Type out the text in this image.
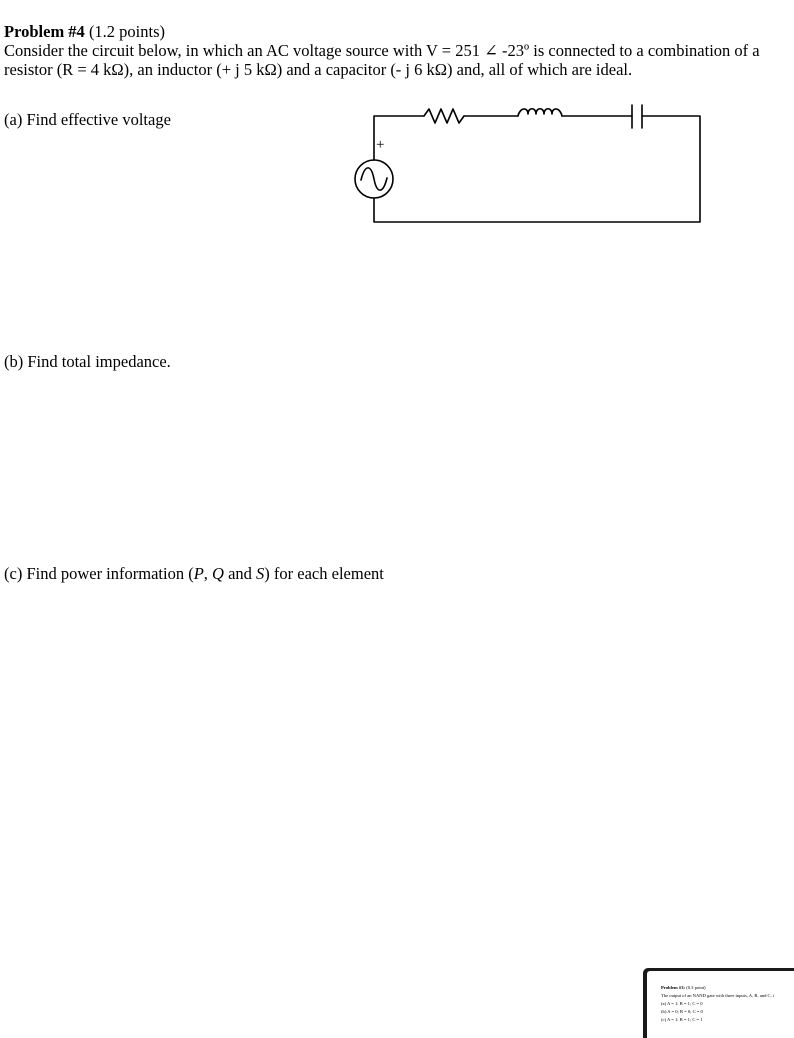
Problem #4 (1.2 points)
Consider the circuit below, in which an AC voltage source with V = 251 ∠ -23º is connected to a combination of a resistor (R = 4 kΩ), an inductor (+ j 5 kΩ) and a capacitor (- j 6 kΩ) and, all of which are ideal.
(a) Find effective voltage
(b) Find total impedance.
(c) Find power information (P, Q and S) for each element
+
Problem #3: (0.3 point)
The output of an NAND gate with three inputs, A, B, and C, i
(a) A = 1; B = 1; C = 0
(b) A = 0; B = 0; C = 0
(c) A = 1; B = 1; C = 1
